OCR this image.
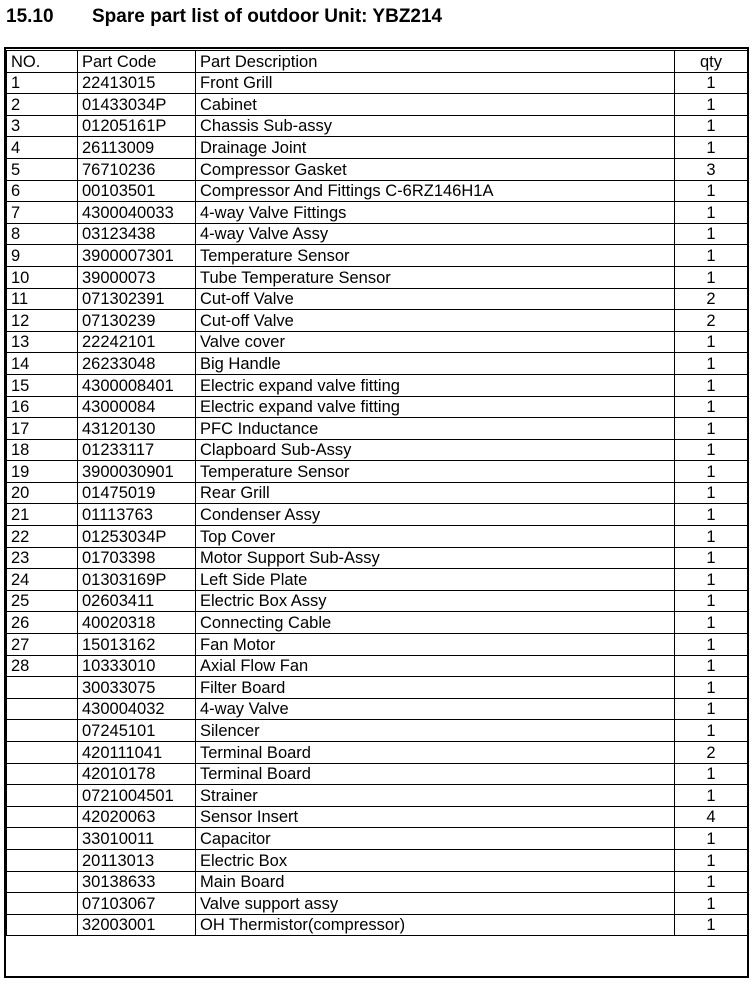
15.10 Spare part list of outdoor Unit: YBZ214
NO.	Part Code	Part Description	qty
1	22413015	Front Grill	1
2	01433034P	Cabinet	1
3	01205161P	Chassis Sub-assy	1
4	26113009	Drainage Joint	1
5	76710236	Compressor Gasket	3
6	00103501	Compressor And Fittings C-6RZ146H1A	1
7	4300040033	4-way Valve Fittings	1
8	03123438	4-way Valve Assy	1
9	3900007301	Temperature Sensor	1
10	39000073	Tube Temperature Sensor	1
11	071302391	Cut-off Valve	2
12	07130239	Cut-off Valve	2
13	22242101	Valve cover	1
14	26233048	Big Handle	1
15	4300008401	Electric expand valve fitting	1
16	43000084	Electric expand valve fitting	1
17	43120130	PFC Inductance	1
18	01233117	Clapboard Sub-Assy	1
19	3900030901	Temperature Sensor	1
20	01475019	Rear Grill	1
21	01113763	Condenser Assy	1
22	01253034P	Top Cover	1
23	01703398	Motor Support Sub-Assy	1
24	01303169P	Left Side Plate	1
25	02603411	Electric Box Assy	1
26	40020318	Connecting Cable	1
27	15013162	Fan Motor	1
28	10333010	Axial Flow Fan	1
	30033075	Filter Board	1
	430004032	4-way Valve	1
	07245101	Silencer	1
	420111041	Terminal Board	2
	42010178	Terminal Board	1
	0721004501	Strainer	1
	42020063	Sensor Insert	4
	33010011	Capacitor	1
	20113013	Electric Box	1
	30138633	Main Board	1
	07103067	Valve support assy	1
	32003001	OH Thermistor(compressor)	1
